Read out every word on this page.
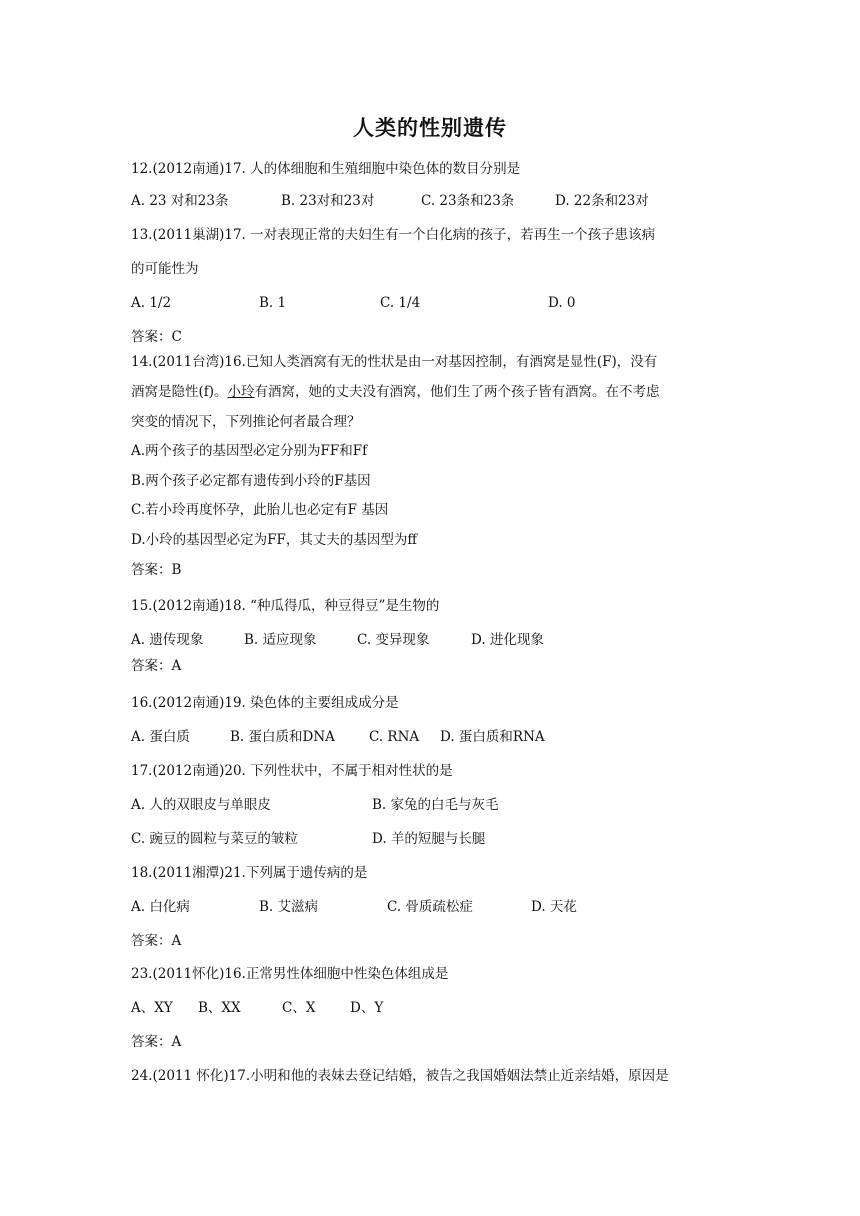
人类的性别遗传
12.(2012南通)17. 人的体细胞和生殖细胞中染色体的数目分别是
A. 23 对和23条	B. 23对和23对	C. 23条和23条	D. 22条和23对
13.(2011巢湖)17. 一对表现正常的夫妇生有一个白化病的孩子，若再生一个孩子患该病
的可能性为
A. 1/2	B. 1	C. 1/4	D. 0
答案：C
14.(2011台湾)16.已知人类酒窝有无的性状是由一对基因控制，有酒窝是显性(F)，没有
酒窝是隐性(f)。小玲有酒窝，她的丈夫没有酒窝，他们生了两个孩子皆有酒窝。在不考虑
突变的情况下，下列推论何者最合理？
A.两个孩子的基因型必定分别为FF和Ff
B.两个孩子必定都有遗传到小玲的F基因
C.若小玲再度怀孕，此胎儿也必定有F 基因
D.小玲的基因型必定为FF，其丈夫的基因型为ff
答案：B
15.(2012南通)18. “种瓜得瓜，种豆得豆”是生物的
A. 遗传现象	B. 适应现象	C. 变异现象	D. 进化现象
答案：A
16.(2012南通)19. 染色体的主要组成成分是
A. 蛋白质	B. 蛋白质和DNA	C. RNA D. 蛋白质和RNA
17.(2012南通)20. 下列性状中，不属于相对性状的是
A. 人的双眼皮与单眼皮	B. 家兔的白毛与灰毛
C. 豌豆的圆粒与菜豆的皱粒	D. 羊的短腿与长腿
18.(2011湘潭)21.下列属于遗传病的是
A. 白化病	B. 艾滋病	C. 骨质疏松症	D. 天花
答案：A
23.(2011怀化)16.正常男性体细胞中性染色体组成是
A、XY B、XX	C、X	D、Y
答案：A
24.(2011 怀化)17.小明和他的表妹去登记结婚，被告之我国婚姻法禁止近亲结婚，原因是
